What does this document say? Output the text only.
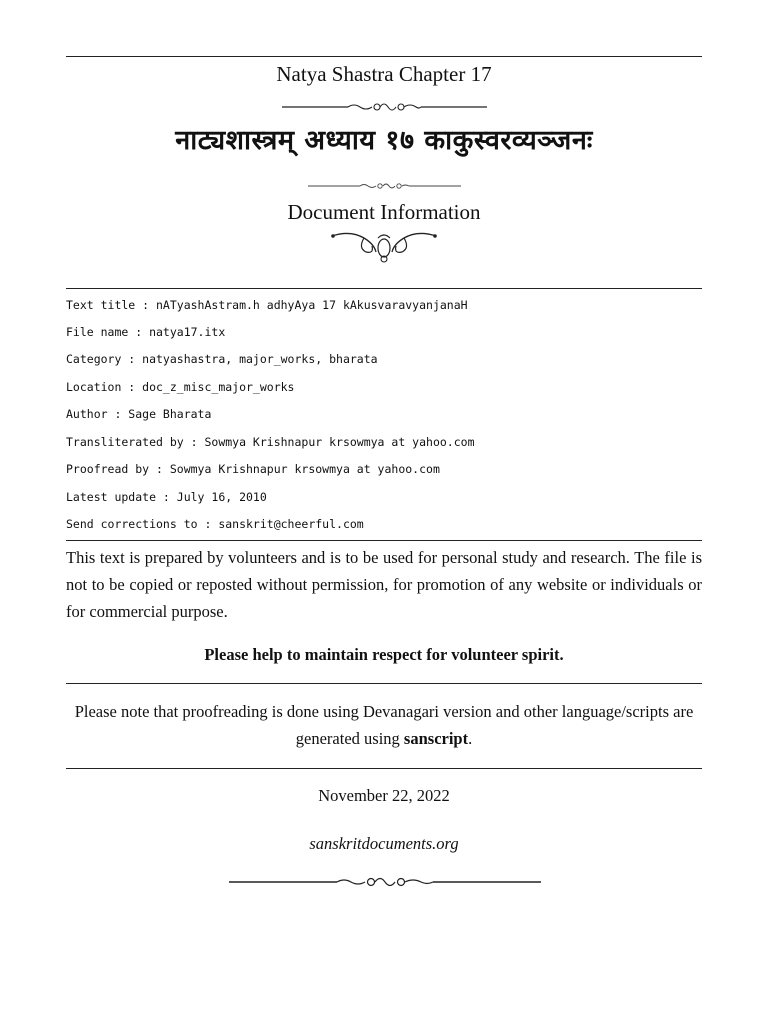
Natya Shastra Chapter 17
नाट्यशास्त्रम् अध्याय १७ काकुस्वरव्यञ्जनः
Document Information
Text title : nATyashAstram.h adhyAya 17 kAkusvaravyanjanaH
File name : natya17.itx
Category : natyashastra, major_works, bharata
Location : doc_z_misc_major_works
Author : Sage Bharata
Transliterated by : Sowmya Krishnapur krsowmya at yahoo.com
Proofread by : Sowmya Krishnapur krsowmya at yahoo.com
Latest update : July 16, 2010
Send corrections to : sanskrit@cheerful.com
This text is prepared by volunteers and is to be used for personal study and research. The file is not to be copied or reposted without permission, for promotion of any website or individuals or for commercial purpose.
Please help to maintain respect for volunteer spirit.
Please note that proofreading is done using Devanagari version and other language/scripts are generated using sanscript.
November 22, 2022
sanskritdocuments.org
